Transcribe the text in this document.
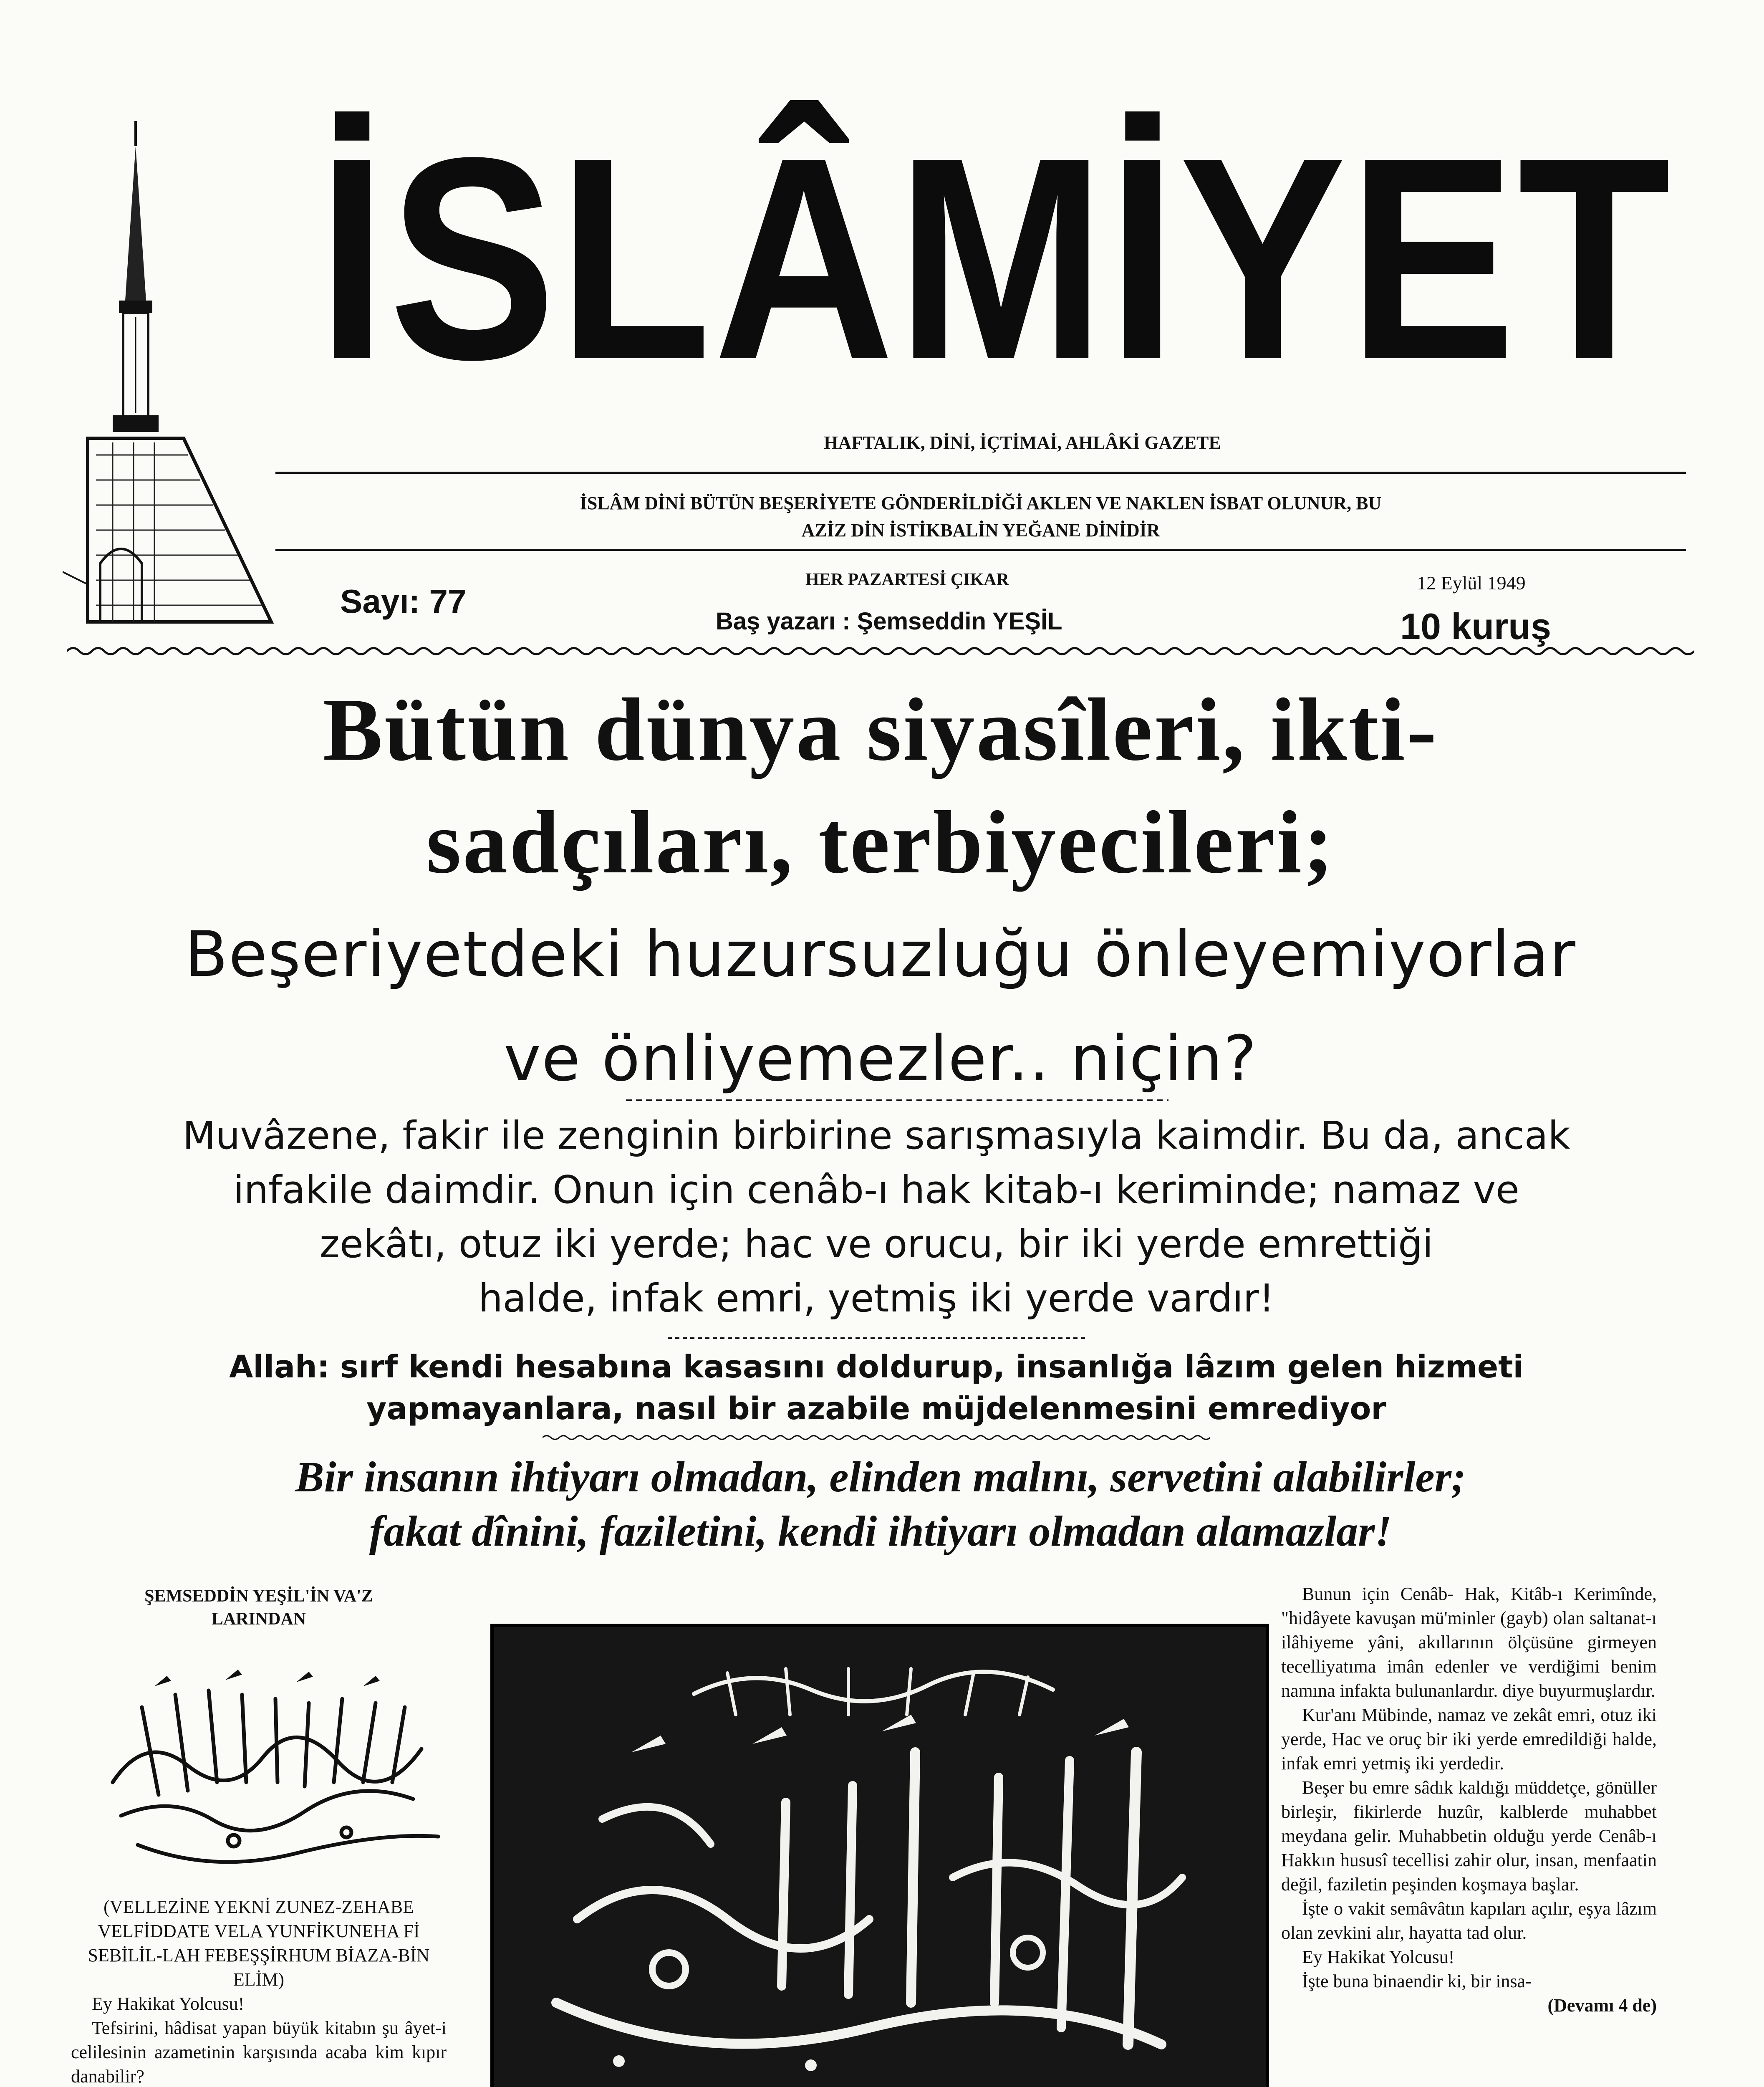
İSLÂMİYET
HAFTALIK, DİNİ, İÇTİMAİ, AHLÂKİ GAZETE
İSLÂM DİNİ BÜTÜN BEŞERİYETE GÖNDERİLDİĞİ AKLEN VE NAKLEN İSBAT OLUNUR, BU
AZİZ DİN İSTİKBALİN YEĞANE DİNİDİR
Sayı: 77
HER PAZARTESİ ÇIKAR
Baş yazarı : Şemseddin YEŞİL
12 Eylül 1949
10 kuruş
Bütün dünya siyasîleri, ikti-
sadçıları, terbiyecileri;
Beşeriyetdeki huzursuzluğu önleyemiyorlar
ve önliyemezler.. niçin?
Muvâzene, fakir ile zenginin birbirine sarışmasıyla kaimdir. Bu da, ancak
infakile daimdir. Onun için cenâb-ı hak kitab-ı keriminde; namaz ve
zekâtı, otuz iki yerde; hac ve orucu, bir iki yerde emrettiği
halde, infak emri, yetmiş iki yerde vardır!
Allah: sırf kendi hesabına kasasını doldurup, insanlığa lâzım gelen hizmeti
yapmayanlara, nasıl bir azabile müjdelenmesini emrediyor
Bir insanın ihtiyarı olmadan, elinden malını, servetini alabilirler;
fakat dînini, faziletini, kendi ihtiyarı olmadan alamazlar!
ŞEMSEDDİN YEŞİL'İN VA'Z
LARINDAN

(VELLEZİNE YEKNİ ZUNEZ-ZEHABE VELFİDDATE VELA YUNFİKUNEHA Fİ SEBİLİL-LAH FEBEŞŞİRHUM BİAZA-BİN ELİM)

Ey Hakikat Yolcusu!

Tefsirini, hâdisat yapan büyük kitabın şu âyet-i celilesinin azametinin karşısında acaba kim kıpır danabilir?

Bunun için Cenâb- Hak, Kitâb-ı Kerimînde, "hidâyete kavuşan mü'minler (gayb) olan saltanat-ı ilâhiyeme yâni, akıllarının ölçüsüne girmeyen tecelliyatıma imân edenler ve verdiğimi benim namına infakta bulunanlardır. diye buyurmuşlardır.

Kur'anı Mübinde, namaz ve zekât emri, otuz iki yerde, Hac ve oruç bir iki yerde emredildiği halde, infak emri yetmiş iki yerdedir.

Beşer bu emre sâdık kaldığı müddetçe, gönüller birleşir, fikirlerde huzûr, kalblerde muhabbet meydana gelir. Muhabbetin olduğu yerde Cenâb-ı Hakkın hususî tecellisi zahir olur, insan, menfaatin değil, faziletin peşinden koşmaya başlar.

İşte o vakit semâvâtın kapıları açılır, eşya lâzım olan zevkini alır, hayatta tad olur.

Ey Hakikat Yolcusu!

İşte buna binaendir ki, bir insa-

(Devamı 4 de)
